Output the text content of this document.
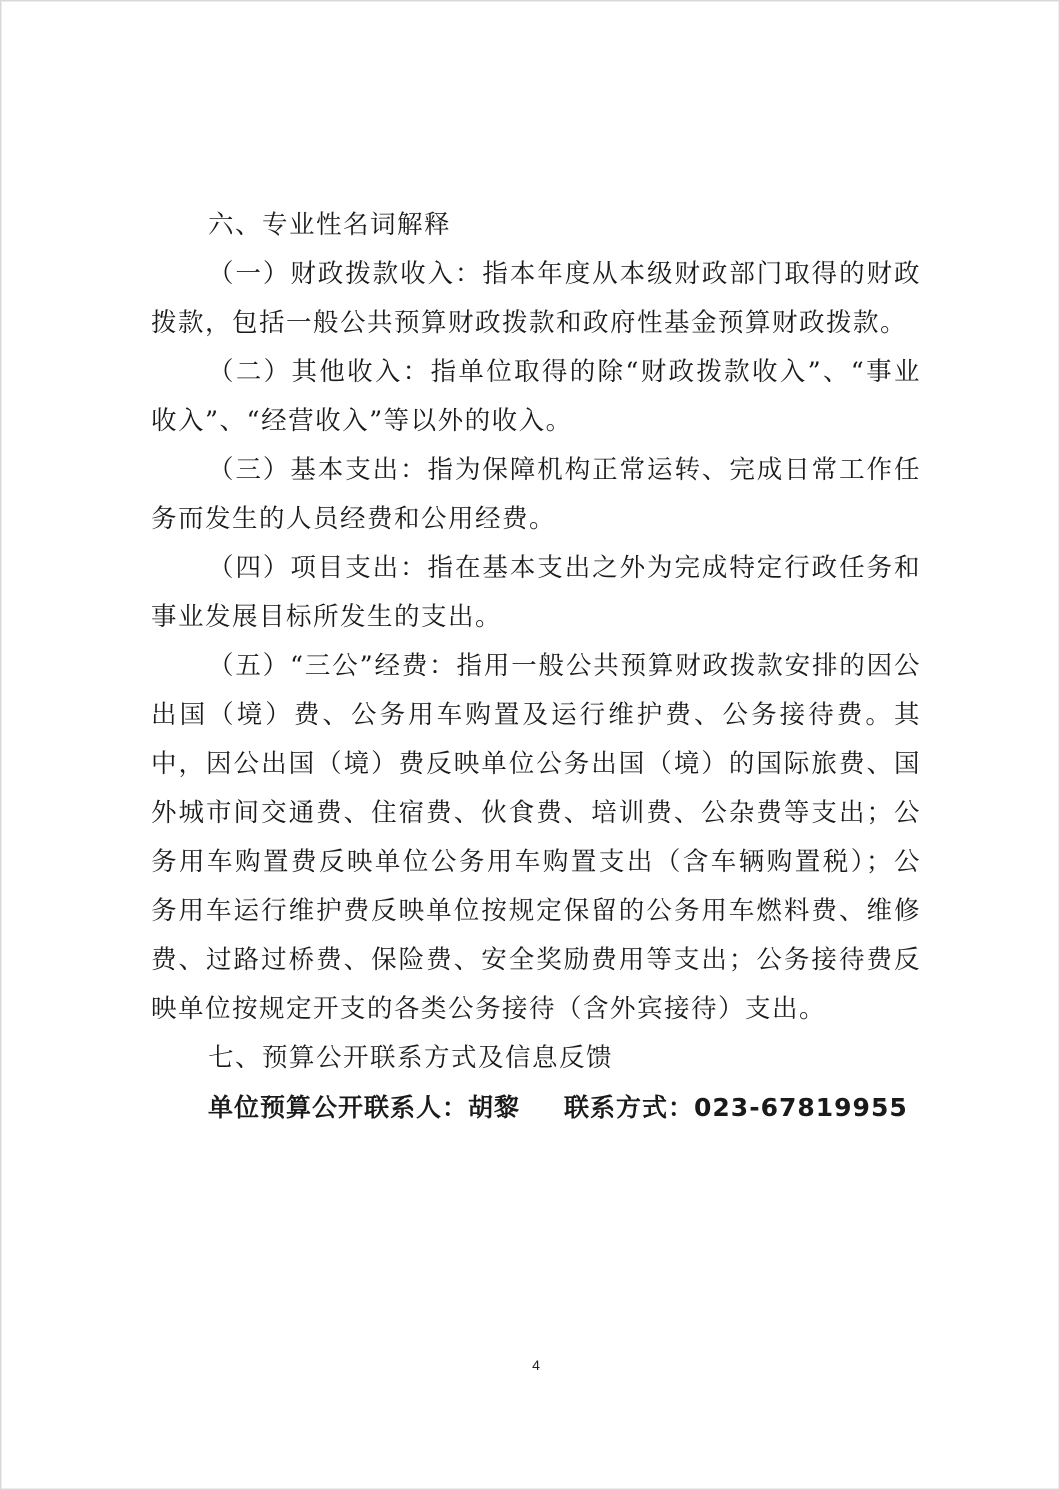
六、专业性名词解释

（一）财政拨款收入：指本年度从本级财政部门取得的财政拨款，包括一般公共预算财政拨款和政府性基金预算财政拨款。

（二）其他收入：指单位取得的除“财政拨款收入”、“事业收入”、“经营收入”等以外的收入。

（三）基本支出：指为保障机构正常运转、完成日常工作任务而发生的人员经费和公用经费。

（四）项目支出：指在基本支出之外为完成特定行政任务和事业发展目标所发生的支出。

（五）“三公”经费：指用一般公共预算财政拨款安排的因公出国（境）费、公务用车购置及运行维护费、公务接待费。其中，因公出国（境）费反映单位公务出国（境）的国际旅费、国外城市间交通费、住宿费、伙食费、培训费、公杂费等支出；公务用车购置费反映单位公务用车购置支出（含车辆购置税）；公务用车运行维护费反映单位按规定保留的公务用车燃料费、维修费、过路过桥费、保险费、安全奖励费用等支出；公务接待费反映单位按规定开支的各类公务接待（含外宾接待）支出。

七、预算公开联系方式及信息反馈

单位预算公开联系人：胡黎 联系方式：023-67819955

4
